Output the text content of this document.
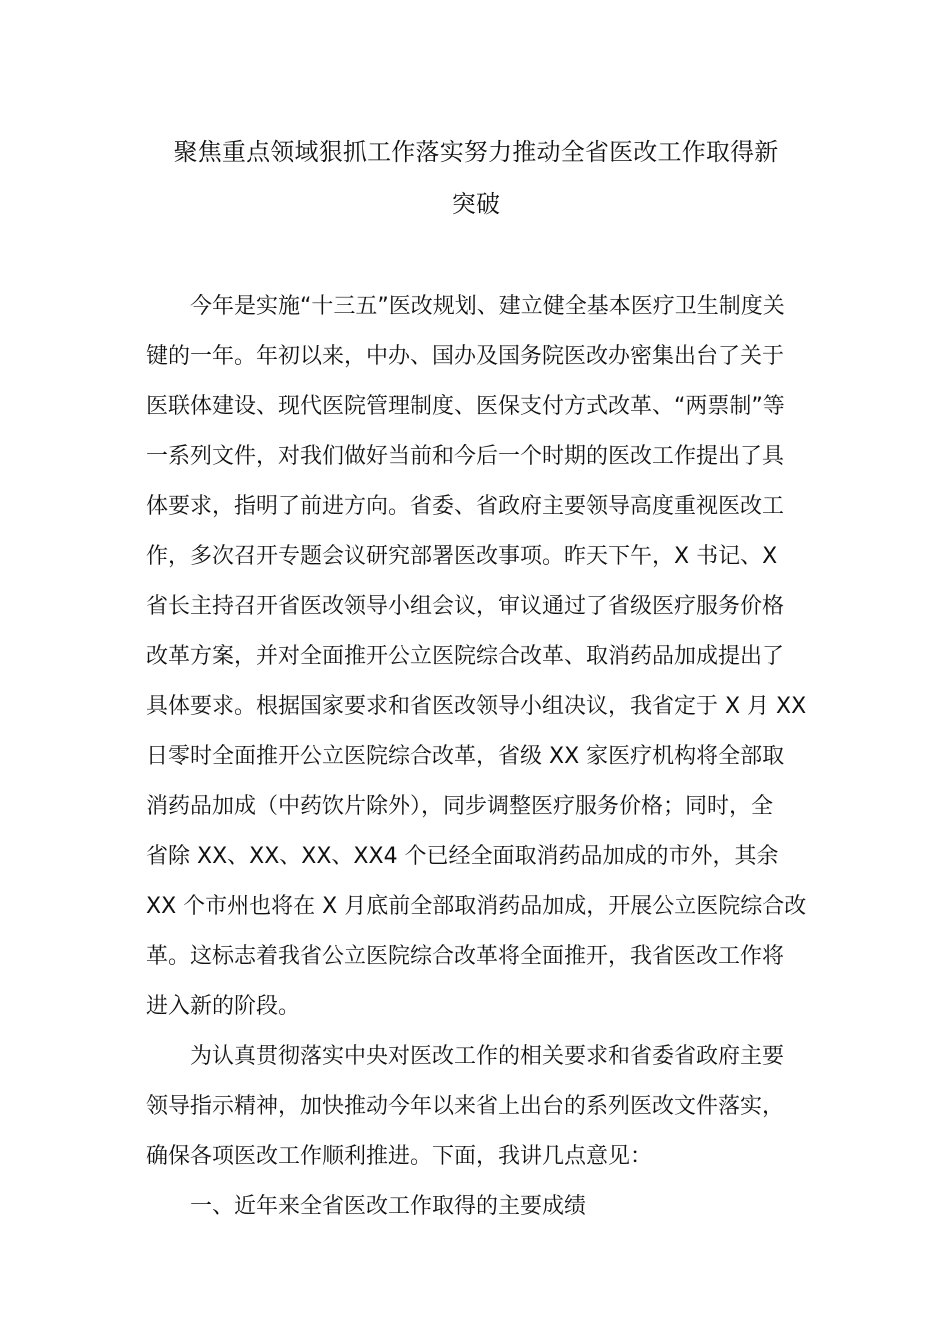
聚焦重点领域狠抓工作落实努力推动全省医改工作取得新
突破

今年是实施“十三五”医改规划、建立健全基本医疗卫生制度关
键的一年。年初以来，中办、国办及国务院医改办密集出台了关于
医联体建设、现代医院管理制度、医保支付方式改革、“两票制”等
一系列文件，对我们做好当前和今后一个时期的医改工作提出了具
体要求，指明了前进方向。省委、省政府主要领导高度重视医改工
作，多次召开专题会议研究部署医改事项。昨天下午，X 书记、X
省长主持召开省医改领导小组会议，审议通过了省级医疗服务价格
改革方案，并对全面推开公立医院综合改革、取消药品加成提出了
具体要求。根据国家要求和省医改领导小组决议，我省定于 X 月 XX
日零时全面推开公立医院综合改革，省级 XX 家医疗机构将全部取
消药品加成（中药饮片除外），同步调整医疗服务价格；同时，全
省除 XX、XX、XX、XX4 个已经全面取消药品加成的市外，其余
XX 个市州也将在 X 月底前全部取消药品加成，开展公立医院综合改
革。这标志着我省公立医院综合改革将全面推开，我省医改工作将
进入新的阶段。

为认真贯彻落实中央对医改工作的相关要求和省委省政府主要
领导指示精神，加快推动今年以来省上出台的系列医改文件落实，
确保各项医改工作顺利推进。下面，我讲几点意见：

一、近年来全省医改工作取得的主要成绩
